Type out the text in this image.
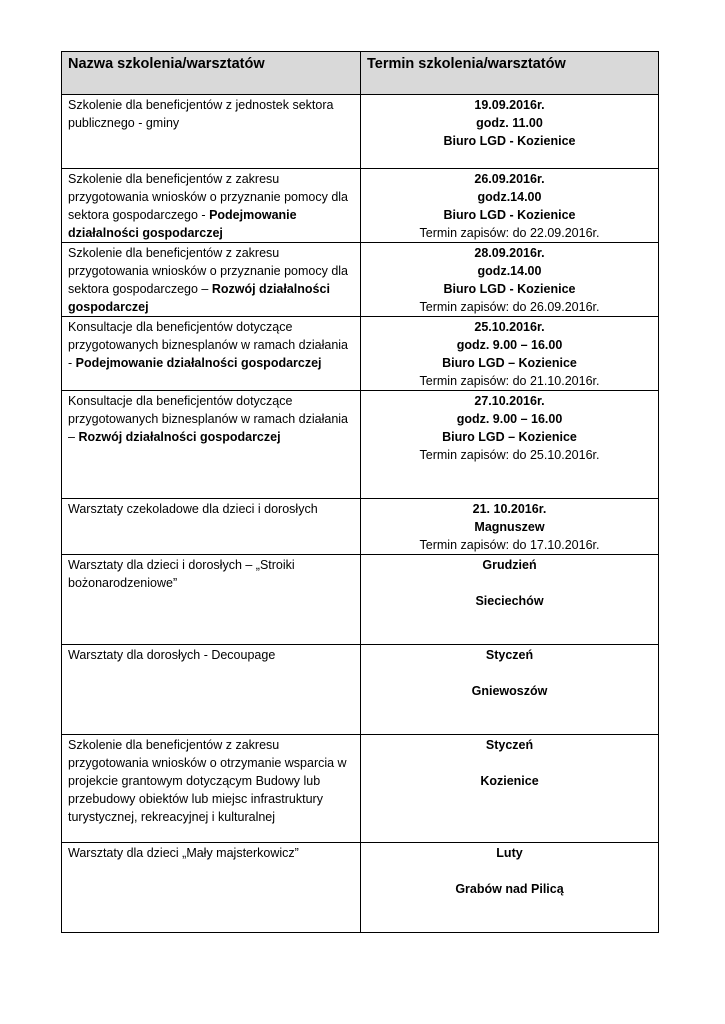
Nazwa szkolenia/warsztatów	Termin szkolenia/warsztatów
Szkolenie dla beneficjentów z jednostek sektora publicznego - gminy	19.09.2016r.
godz. 11.00
Biuro LGD - Kozienice

Szkolenie dla beneficjentów z zakresu przygotowania wniosków o przyznanie pomocy dla sektora gospodarczego - Podejmowanie działalności gospodarczej	26.09.2016r.
godz.14.00
Biuro LGD - Kozienice
Termin zapisów: do 22.09.2016r.

Szkolenie dla beneficjentów z zakresu przygotowania wniosków o przyznanie pomocy dla sektora gospodarczego – Rozwój działalności gospodarczej	28.09.2016r.
godz.14.00
Biuro LGD - Kozienice
Termin zapisów: do 26.09.2016r.

Konsultacje dla beneficjentów dotyczące przygotowanych biznesplanów w ramach działania - Podejmowanie działalności gospodarczej	25.10.2016r.
godz. 9.00 – 16.00
Biuro LGD – Kozienice
Termin zapisów: do 21.10.2016r.

Konsultacje dla beneficjentów dotyczące przygotowanych biznesplanów w ramach działania – Rozwój działalności gospodarczej	27.10.2016r.
godz. 9.00 – 16.00
Biuro LGD – Kozienice
Termin zapisów: do 25.10.2016r.

Warsztaty czekoladowe dla dzieci i dorosłych	21. 10.2016r.
Magnuszew
Termin zapisów: do 17.10.2016r.

Warsztaty dla dzieci i dorosłych – „Stroiki bożonarodzeniowe”	Grudzień
Sieciechów

Warsztaty dla dorosłych - Decoupage	Styczeń
Gniewoszów

Szkolenie dla beneficjentów z zakresu przygotowania wniosków o otrzymanie wsparcia w projekcie grantowym dotyczącym Budowy lub przebudowy obiektów lub miejsc infrastruktury turystycznej, rekreacyjnej i kulturalnej	Styczeń
Kozienice

Warsztaty dla dzieci „Mały majsterkowicz”	Luty
Grabów nad Pilicą
